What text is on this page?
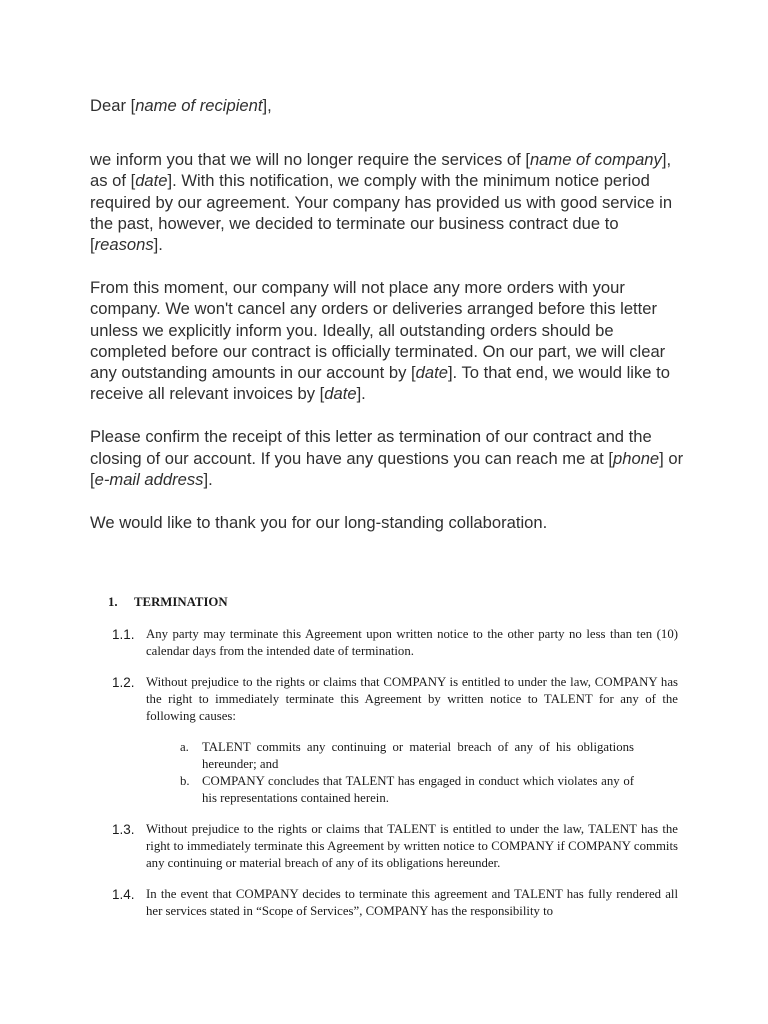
Dear [name of recipient],

we inform you that we will no longer require the services of [name of company], as of [date]. With this notification, we comply with the minimum notice period required by our agreement. Your company has provided us with good service in the past, however, we decided to terminate our business contract due to [reasons].

From this moment, our company will not place any more orders with your company. We won't cancel any orders or deliveries arranged before this letter unless we explicitly inform you. Ideally, all outstanding orders should be completed before our contract is officially terminated. On our part, we will clear any outstanding amounts in our account by [date]. To that end, we would like to receive all relevant invoices by [date].

Please confirm the receipt of this letter as termination of our contract and the closing of our account. If you have any questions you can reach me at [phone] or [e-mail address].

We would like to thank you for our long-standing collaboration.

1.	TERMINATION
1.1. Any party may terminate this Agreement upon written notice to the other party no less than ten (10) calendar days from the intended date of termination.
1.2. Without prejudice to the rights or claims that COMPANY is entitled to under the law, COMPANY has the right to immediately terminate this Agreement by written notice to TALENT for any of the following causes:
a. TALENT commits any continuing or material breach of any of his obligations hereunder; and
b. COMPANY concludes that TALENT has engaged in conduct which violates any of his representations contained herein.
1.3. Without prejudice to the rights or claims that TALENT is entitled to under the law, TALENT has the right to immediately terminate this Agreement by written notice to COMPANY if COMPANY commits any continuing or material breach of any of its obligations hereunder.
1.4. In the event that COMPANY decides to terminate this agreement and TALENT has fully rendered all her services stated in “Scope of Services”, COMPANY has the responsibility to
